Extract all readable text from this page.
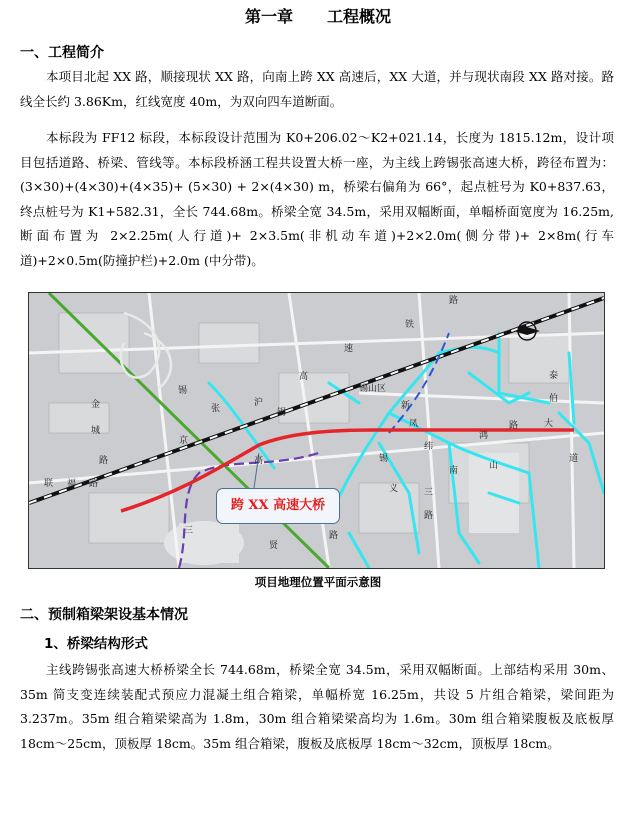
第一章 工程概况
一、工程简介

本项目北起 XX 路，顺接现状 XX 路，向南上跨 XX 高速后，XX 大道，并与现状南段 XX 路对接。路线全长约 3.86Km，红线宽度 40m，为双向四车道断面。

本标段为 FF12 标段，本标段设计范围为 K0+206.02～K2+021.14，长度为 1815.12m，设计项目包括道路、桥梁、管线等。本标段桥涵工程共设置大桥一座，为主线上跨锡张高速大桥，跨径布置为：(3×30)+(4×30)+(4×35)+ (5×30) + 2×(4×30) m，桥梁右偏角为 66°，起点桩号为 K0+837.63，终点桩号为 K1+582.31，全长 744.68m。桥梁全宽 34.5m，采用双幅断面，单幅桥面宽度为 16.25m,断面布置为 2×2.25m(人行道)+ 2×3.5m(非机动车道)+2×2.0m(侧分带)+ 2×8m(行车道)+2×0.5m(防撞护栏)+2.0m (中分带)。

锡
张
高
速
金
城
路
联 福 路
京
沪
高
铁
锡山区
新
凤
路
大
泰
伯
道
锡
纬
义
南
鸿
山
路
三
路
路
贤
锡
三
跨 XX 高速大桥
项目地理位置平面示意图
二、预制箱梁架设基本情况
1、桥梁结构形式

主线跨锡张高速大桥桥梁全长 744.68m，桥梁全宽 34.5m，采用双幅断面。上部结构采用 30m、35m 简支变连续装配式预应力混凝土组合箱梁，单幅桥宽 16.25m，共设 5 片组合箱梁，梁间距为 3.237m。35m 组合箱梁梁高为 1.8m，30m 组合箱梁梁高均为 1.6m。30m 组合箱梁腹板及底板厚 18cm～25cm，顶板厚 18cm。35m 组合箱梁，腹板及底板厚 18cm～32cm，顶板厚 18cm。
